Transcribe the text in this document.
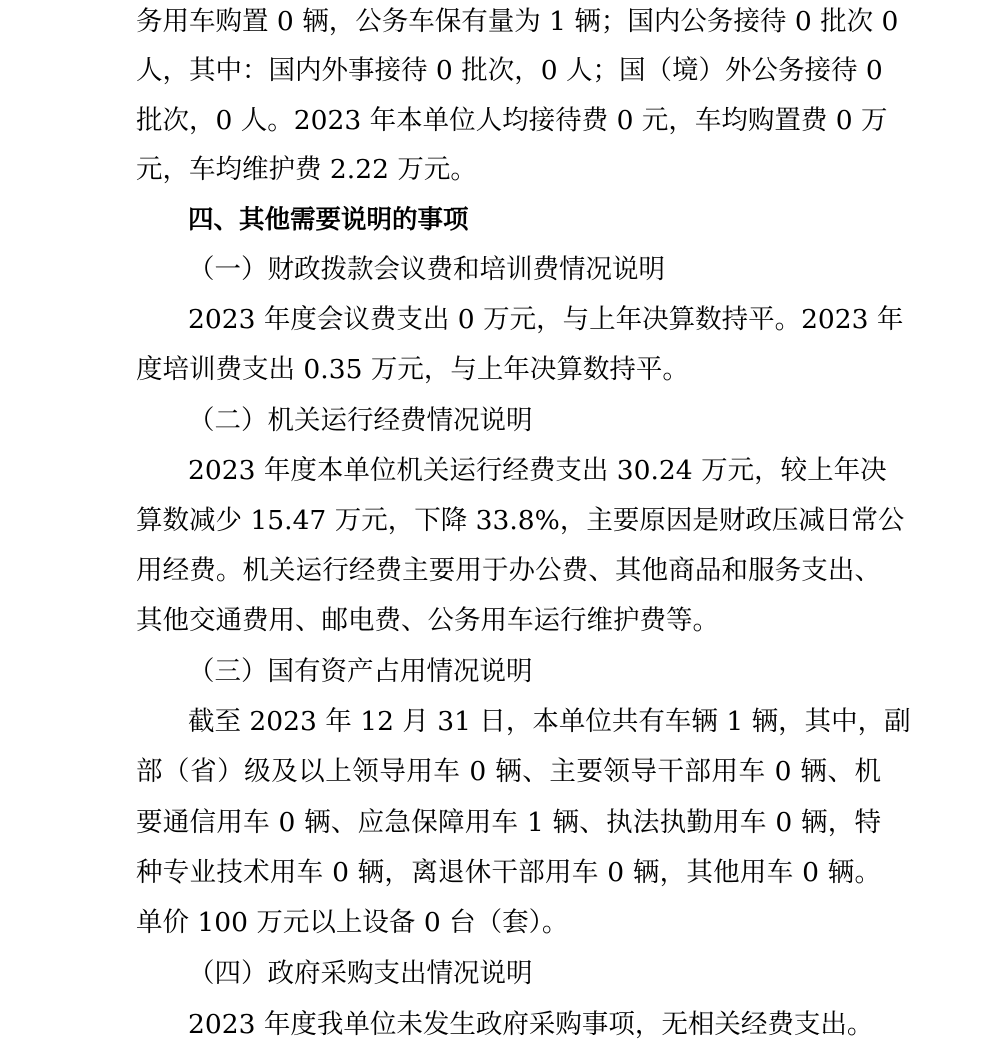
务用车购置 0 辆，公务车保有量为 1 辆；国内公务接待 0 批次 0
人，其中：国内外事接待 0 批次，0 人；国（境）外公务接待 0
批次，0 人。2023 年本单位人均接待费 0 元，车均购置费 0 万
元，车均维护费 2.22 万元。
四、其他需要说明的事项
（一）财政拨款会议费和培训费情况说明
2023 年度会议费支出 0 万元，与上年决算数持平。2023 年
度培训费支出 0.35 万元，与上年决算数持平。
（二）机关运行经费情况说明
2023 年度本单位机关运行经费支出 30.24 万元，较上年决
算数减少 15.47 万元，下降 33.8%，主要原因是财政压减日常公
用经费。机关运行经费主要用于办公费、其他商品和服务支出、
其他交通费用、邮电费、公务用车运行维护费等。
（三）国有资产占用情况说明
截至 2023 年 12 月 31 日，本单位共有车辆 1 辆，其中，副
部（省）级及以上领导用车 0 辆、主要领导干部用车 0 辆、机
要通信用车 0 辆、应急保障用车 1 辆、执法执勤用车 0 辆，特
种专业技术用车 0 辆，离退休干部用车 0 辆，其他用车 0 辆。
单价 100 万元以上设备 0 台（套）。
（四）政府采购支出情况说明
2023 年度我单位未发生政府采购事项，无相关经费支出。
